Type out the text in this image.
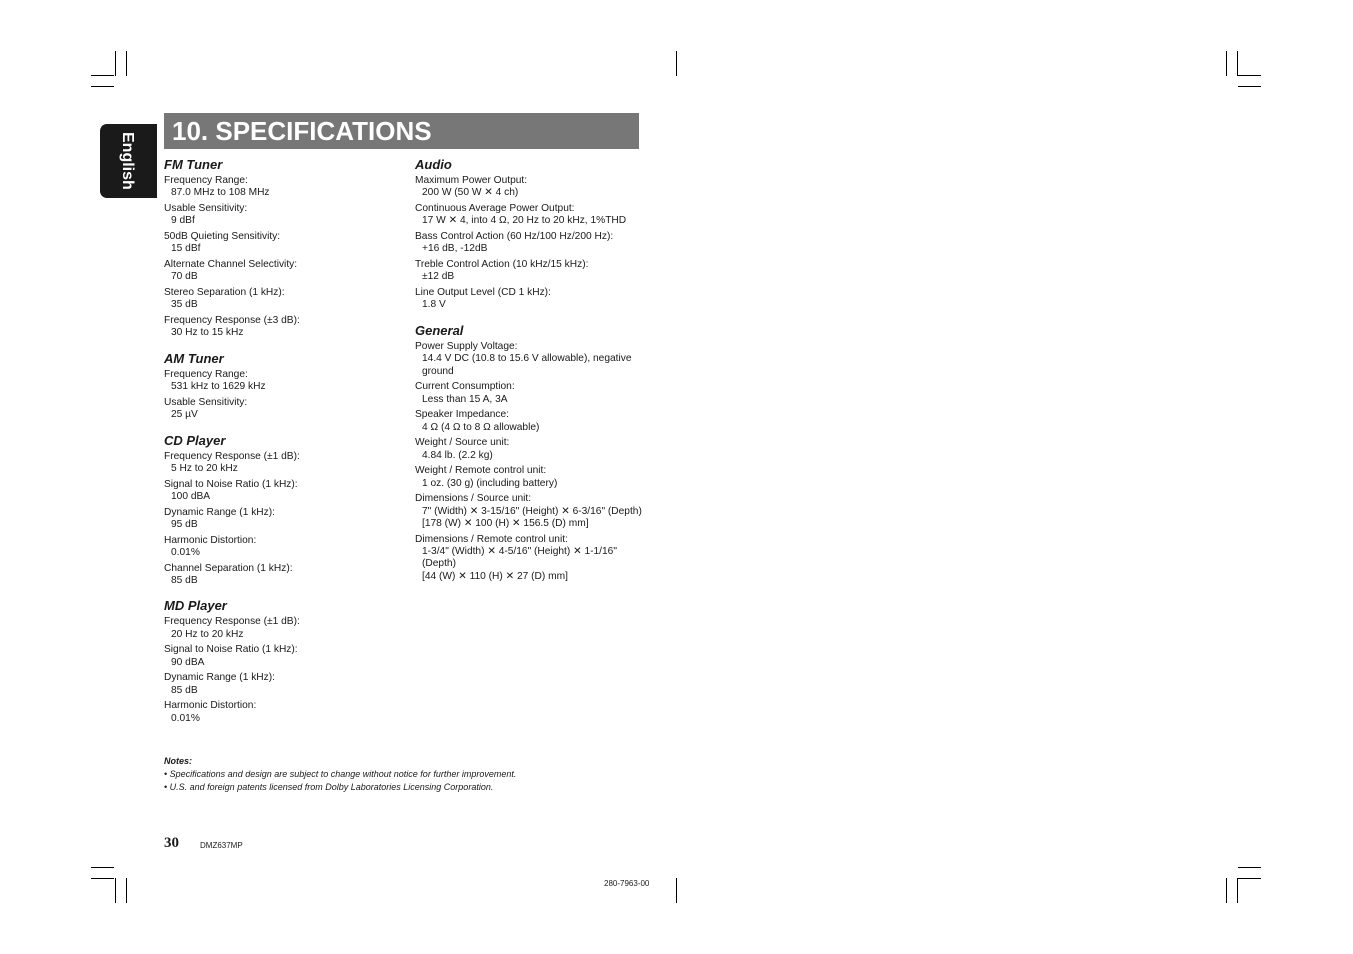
English
10. SPECIFICATIONS
FM Tuner
Frequency Range:
87.0 MHz to 108 MHz
Usable Sensitivity:
9 dBf
50dB Quieting Sensitivity:
15 dBf
Alternate Channel Selectivity:
70 dB
Stereo Separation (1 kHz):
35 dB
Frequency Response (±3 dB):
30 Hz to 15 kHz
AM Tuner
Frequency Range:
531 kHz to 1629 kHz
Usable Sensitivity:
25 µV
CD Player
Frequency Response (±1 dB):
5 Hz to 20 kHz
Signal to Noise Ratio (1 kHz):
100 dBA
Dynamic Range (1 kHz):
95 dB
Harmonic Distortion:
0.01%
Channel Separation (1 kHz):
85 dB
MD Player
Frequency Response (±1 dB):
20 Hz to 20 kHz
Signal to Noise Ratio (1 kHz):
90 dBA
Dynamic Range (1 kHz):
85 dB
Harmonic Distortion:
0.01%
Audio
Maximum Power Output:
200 W (50 W ✕ 4 ch)
Continuous Average Power Output:
17 W ✕ 4, into 4 Ω, 20 Hz to 20 kHz, 1%THD
Bass Control Action (60 Hz/100 Hz/200 Hz):
+16 dB, -12dB
Treble Control Action (10 kHz/15 kHz):
±12 dB
Line Output Level (CD 1 kHz):
1.8 V
General
Power Supply Voltage:
14.4 V DC (10.8 to 15.6 V allowable), negative ground
Current Consumption:
Less than 15 A, 3A
Speaker Impedance:
4 Ω (4 Ω to 8 Ω allowable)
Weight / Source unit:
4.84 lb. (2.2 kg)
Weight / Remote control unit:
1 oz. (30 g) (including battery)
Dimensions / Source unit:
7" (Width) ✕ 3-15/16" (Height) ✕ 6-3/16" (Depth)
[178 (W) ✕ 100 (H) ✕ 156.5 (D) mm]
Dimensions / Remote control unit:
1-3/4" (Width) ✕ 4-5/16" (Height) ✕ 1-1/16" (Depth)
[44 (W) ✕ 110 (H) ✕ 27 (D) mm]
Notes:
• Specifications and design are subject to change without notice for further improvement.
• U.S. and foreign patents licensed from Dolby Laboratories Licensing Corporation.
30	DMZ637MP
280-7963-00
